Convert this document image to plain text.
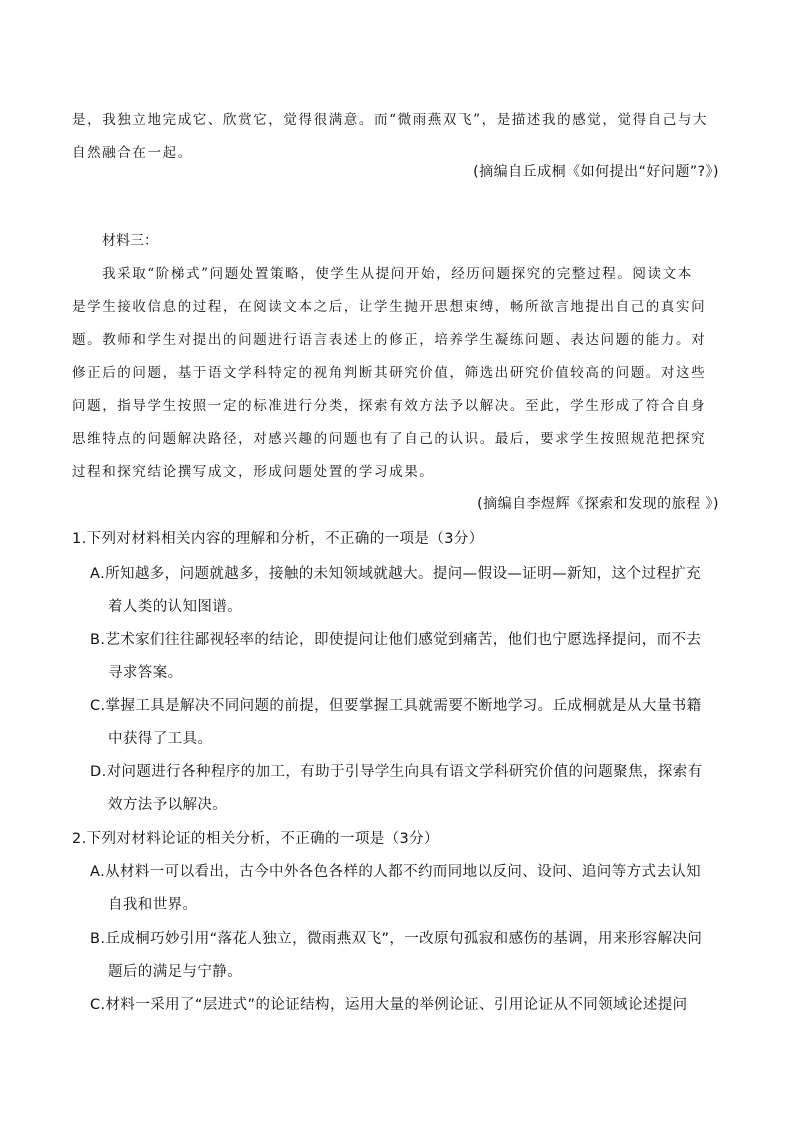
是，我独立地完成它、欣赏它，觉得很满意。而“微雨燕双飞”，是描述我的感觉，觉得自己与大
自然融合在一起。
(摘编自丘成桐《如何提出“好问题”?》)
材料三：
我采取“阶梯式”问题处置策略，使学生从提问开始，经历问题探究的完整过程。阅读文本
是学生接收信息的过程，在阅读文本之后，让学生抛开思想束缚，畅所欲言地提出自己的真实问
题。教师和学生对提出的问题进行语言表述上的修正，培养学生凝练问题、表达问题的能力。对
修正后的问题，基于语文学科特定的视角判断其研究价值，筛选出研究价值较高的问题。对这些
问题，指导学生按照一定的标准进行分类，探索有效方法予以解决。至此，学生形成了符合自身
思维特点的问题解决路径，对感兴趣的问题也有了自己的认识。最后，要求学生按照规范把探究
过程和探究结论撰写成文，形成问题处置的学习成果。
(摘编自李煜辉《探索和发现的旅程 》)
1.下列对材料相关内容的理解和分析，不正确的一项是（3分）
A.所知越多，问题就越多，接触的未知领域就越大。提问—假设—证明—新知，这个过程扩充
着人类的认知图谱。
B.艺术家们往往鄙视轻率的结论，即使提问让他们感觉到痛苦，他们也宁愿选择提问，而不去
寻求答案。
C.掌握工具是解决不同问题的前提，但要掌握工具就需要不断地学习。丘成桐就是从大量书籍
中获得了工具。
D.对问题进行各种程序的加工，有助于引导学生向具有语文学科研究价值的问题聚焦，探索有
效方法予以解决。
2.下列对材料论证的相关分析，不正确的一项是（3分）
A.从材料一可以看出，古今中外各色各样的人都不约而同地以反问、设问、追问等方式去认知
自我和世界。
B.丘成桐巧妙引用“落花人独立，微雨燕双飞”，一改原句孤寂和感伤的基调，用来形容解决问
题后的满足与宁静。
C.材料一采用了“层进式”的论证结构，运用大量的举例论证、引用论证从不同领域论述提问
